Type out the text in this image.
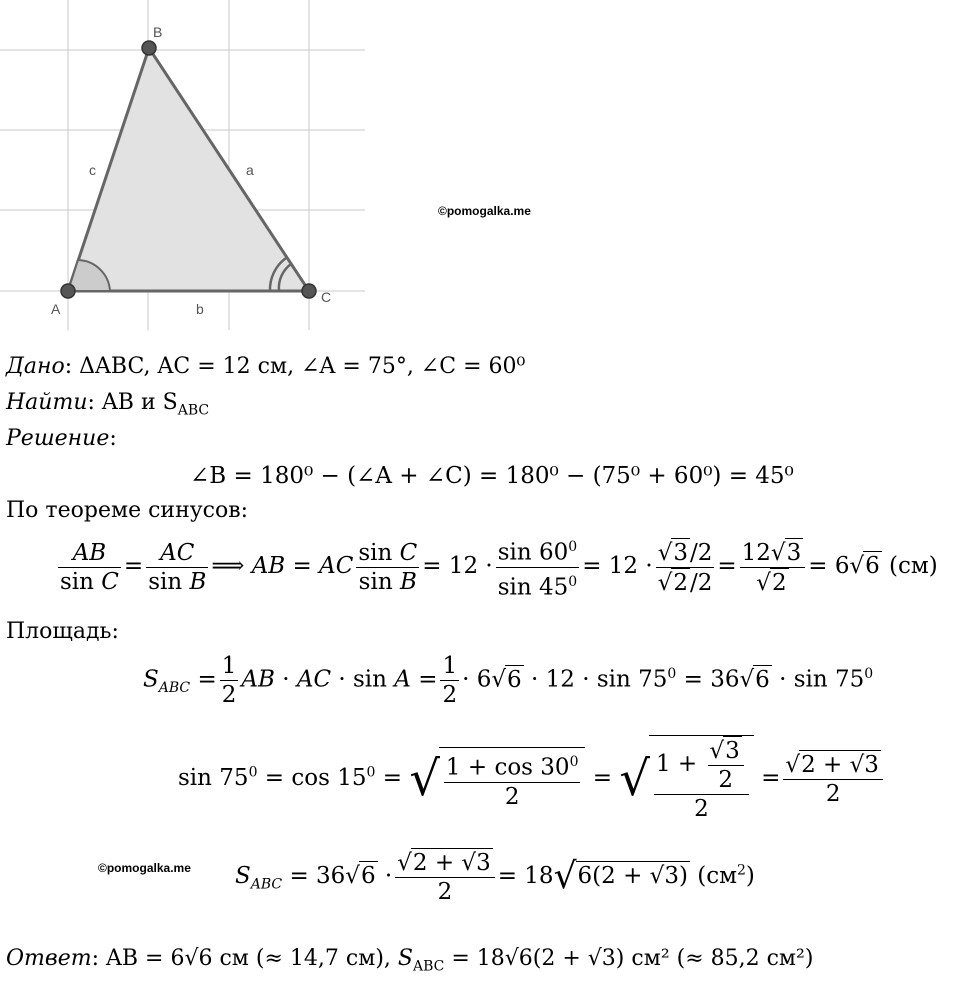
A
B
C
a
b
c
©pomogalka.me
Дано: ΔABC, AC = 12 см, ∠A = 75°, ∠C = 60⁰
Найти: AB и $S_{ABC}$
Решение:
∠B = 180⁰ − (∠A + ∠C) = 180⁰ − (75⁰ + 60⁰) = 45⁰
По теореме синусов:
$\frac{AB}{\text{sin C}} = \frac{AC}{\text{sin B}}$ ⟹ AB = AC $\frac{\text{sin C}}{\text{sin B}} = 12 \cdot \frac{\sin 60^0}{\sin 45^0} = 12 \cdot \frac{√3/2}{√2/2} = \frac{12√3}{√2} = 6√6$ (см)
Площадь:
$S_{ABC} = \frac{1}{2}$ AB · AC · $\sin A = \frac{1}{2} \cdot 6√6 \cdot 12 \cdot \sin 75^0 = 36√6 \cdot \sin 75^0$
$\sin 75^0 = \cos 15^0$ = √ $\frac{1 + \cos 30^0}{2}$ = √ $\frac{1 + \frac{√3}{2}}{2} = \frac{√2 + √3}{2}$
©pomogalka.me $S_{ABC} = 36√6 \cdot \frac{√2 + √3}{2} = 18√6(2 + √3)$ $(см^2)$
Ответ: AB = 6√6 см (≈ 14,7 см), $S_{ABC} = 18√6(2 + √3)$ см² (≈ 85,2 см²)
